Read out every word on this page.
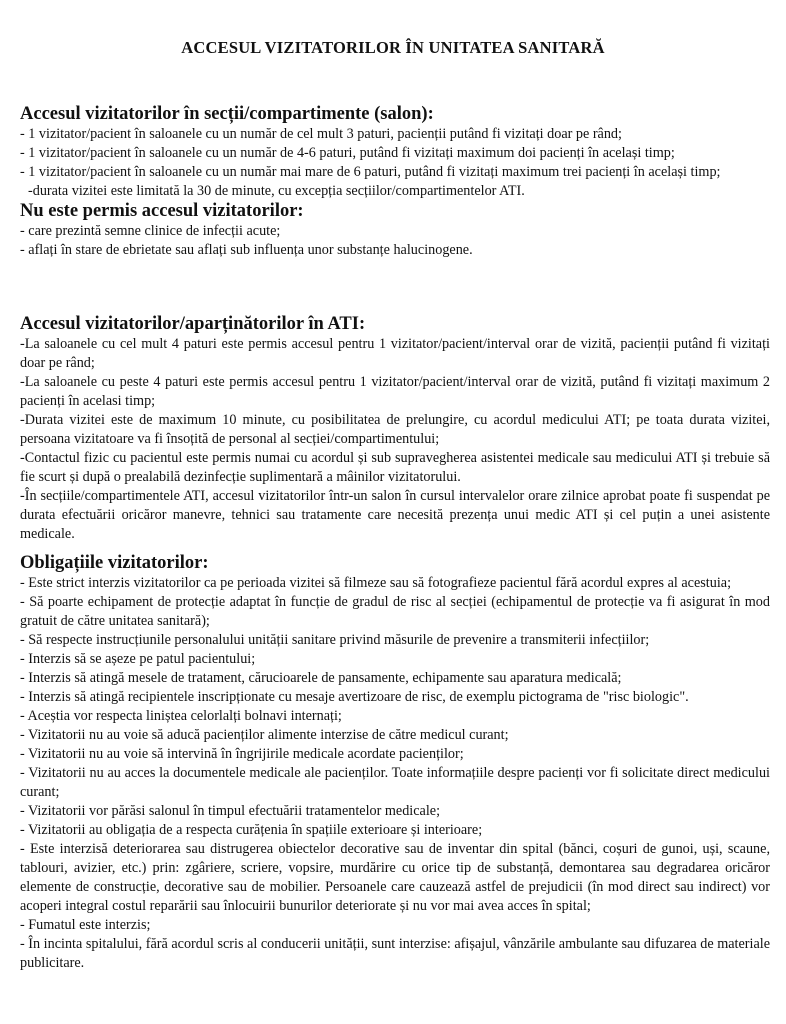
ACCESUL VIZITATORILOR ÎN UNITATEA SANITARĂ

Accesul vizitatorilor în secții/compartimente (salon):

- 1 vizitator/pacient în saloanele cu un număr de cel mult 3 paturi, pacienții putând fi vizitați doar pe rând;

- 1 vizitator/pacient în saloanele cu un număr de 4-6 paturi, putând fi vizitați maximum doi pacienți în același timp;

- 1 vizitator/pacient în saloanele cu un număr mai mare de 6 paturi, putând fi vizitați maximum trei pacienți în același timp;

-durata vizitei este limitată la 30 de minute, cu excepția secțiilor/compartimentelor ATI.

Nu este permis accesul vizitatorilor:

- care prezintă semne clinice de infecții acute;

- aflați în stare de ebrietate sau aflați sub influența unor substanțe halucinogene.

Accesul vizitatorilor/aparținătorilor în ATI:

-La saloanele cu cel mult 4 paturi este permis accesul pentru 1 vizitator/pacient/interval orar de vizită, pacienții putând fi vizitați doar pe rând;

-La saloanele cu peste 4 paturi este permis accesul pentru 1 vizitator/pacient/interval orar de vizită, putând fi vizitați maximum 2 pacienți în acelasi timp;

-Durata vizitei este de maximum 10 minute, cu posibilitatea de prelungire, cu acordul medicului ATI; pe toata durata vizitei, persoana vizitatoare va fi însoțită de personal al secției/compartimentului;

-Contactul fizic cu pacientul este permis numai cu acordul și sub supravegherea asistentei medicale sau medicului ATI și trebuie să fie scurt și după o prealabilă dezinfecție suplimentară a mâinilor vizitatorului.

-În secțiile/compartimentele ATI, accesul vizitatorilor într-un salon în cursul intervalelor orare zilnice aprobat poate fi suspendat pe durata efectuării oricăror manevre, tehnici sau tratamente care necesită prezența unui medic ATI și cel puțin a unei asistente medicale.

Obligațiile vizitatorilor:

- Este strict interzis vizitatorilor ca pe perioada vizitei să filmeze sau să fotografieze pacientul fără acordul expres al acestuia;

- Să poarte echipament de protecție adaptat în funcție de gradul de risc al secției (echipamentul de protecție va fi asigurat în mod gratuit de către unitatea sanitară);

- Să respecte instrucțiunile personalului unității sanitare privind măsurile de prevenire a transmiterii infecțiilor;

- Interzis să se așeze pe patul pacientului;

- Interzis să atingă mesele de tratament, cărucioarele de pansamente, echipamente sau aparatura medicală;

- Interzis să atingă recipientele inscripționate cu mesaje avertizoare de risc, de exemplu pictograma de "risc biologic".

- Aceștia vor respecta liniștea celorlalți bolnavi internați;

- Vizitatorii nu au voie să aducă pacienților alimente interzise de către medicul curant;

- Vizitatorii nu au voie să intervină în îngrijirile medicale acordate pacienților;

- Vizitatorii nu au acces la documentele medicale ale pacienților. Toate informațiile despre pacienți vor fi solicitate direct medicului curant;

- Vizitatorii vor părăsi salonul în timpul efectuării tratamentelor medicale;

- Vizitatorii au obligația de a respecta curățenia în spațiile exterioare și interioare;

- Este interzisă deteriorarea sau distrugerea obiectelor decorative sau de inventar din spital (bănci, coșuri de gunoi, uși, scaune, tablouri, avizier, etc.) prin: zgâriere, scriere, vopsire, murdărire cu orice tip de substanță, demontarea sau degradarea oricăror elemente de construcție, decorative sau de mobilier. Persoanele care cauzează astfel de prejudicii (în mod direct sau indirect) vor acoperi integral costul reparării sau înlocuirii bunurilor deteriorate și nu vor mai avea acces în spital;

- Fumatul este interzis;

- În incinta spitalului, fără acordul scris al conducerii unității, sunt interzise: afișajul, vânzările ambulante sau difuzarea de materiale publicitare.
